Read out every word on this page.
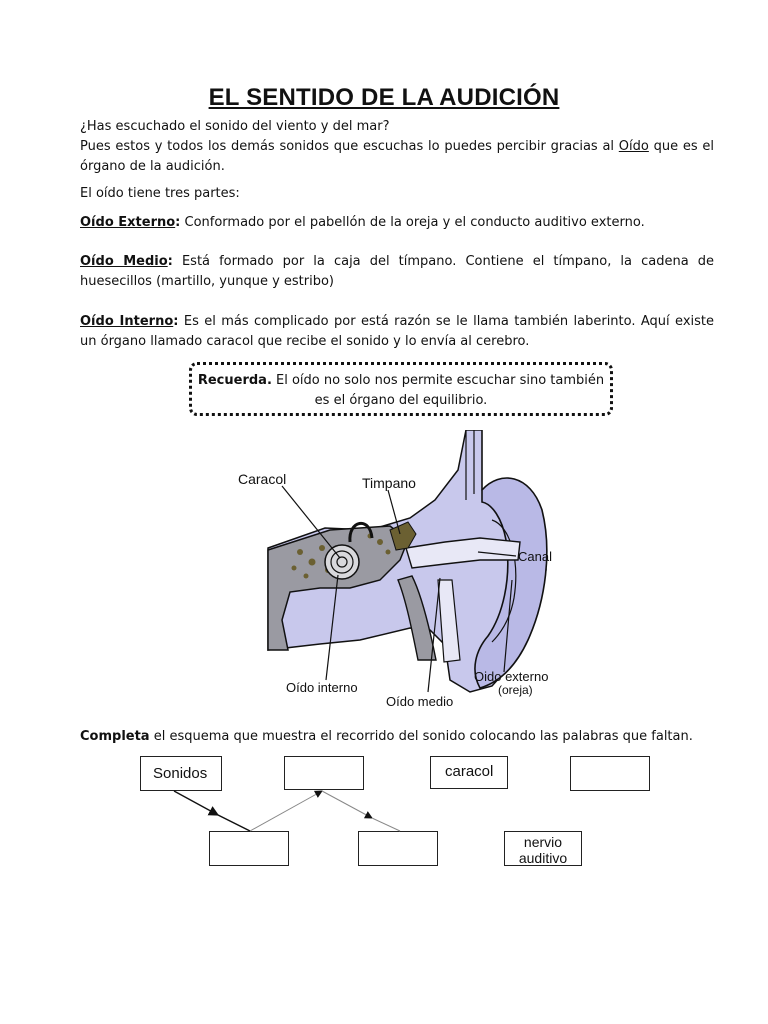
EL SENTIDO DE LA AUDICIÓN
¿Has escuchado el sonido del viento y del mar?
Pues estos y todos los demás sonidos que escuchas lo puedes percibir gracias al Oído que es el órgano de la audición.
El oído tiene tres partes:
Oído Externo: Conformado por el pabellón de la oreja y el conducto auditivo externo.
Oído Medio: Está formado por la caja del tímpano. Contiene el tímpano, la cadena de huesecillos (martillo, yunque y estribo)
Oído Interno: Es el más complicado por está razón se le llama también laberinto. Aquí existe un órgano llamado caracol que recibe el sonido y lo envía al cerebro.
Recuerda. El oído no solo nos permite escuchar sino también
es el órgano del equilibrio.
Caracol	Timpano
Canal
Oído interno
Oído medio
Oido externo
(oreja)
Completa el esquema que muestra el recorrido del sonido colocando las palabras que faltan.
Sonidos	caracol
nervio
auditivo
